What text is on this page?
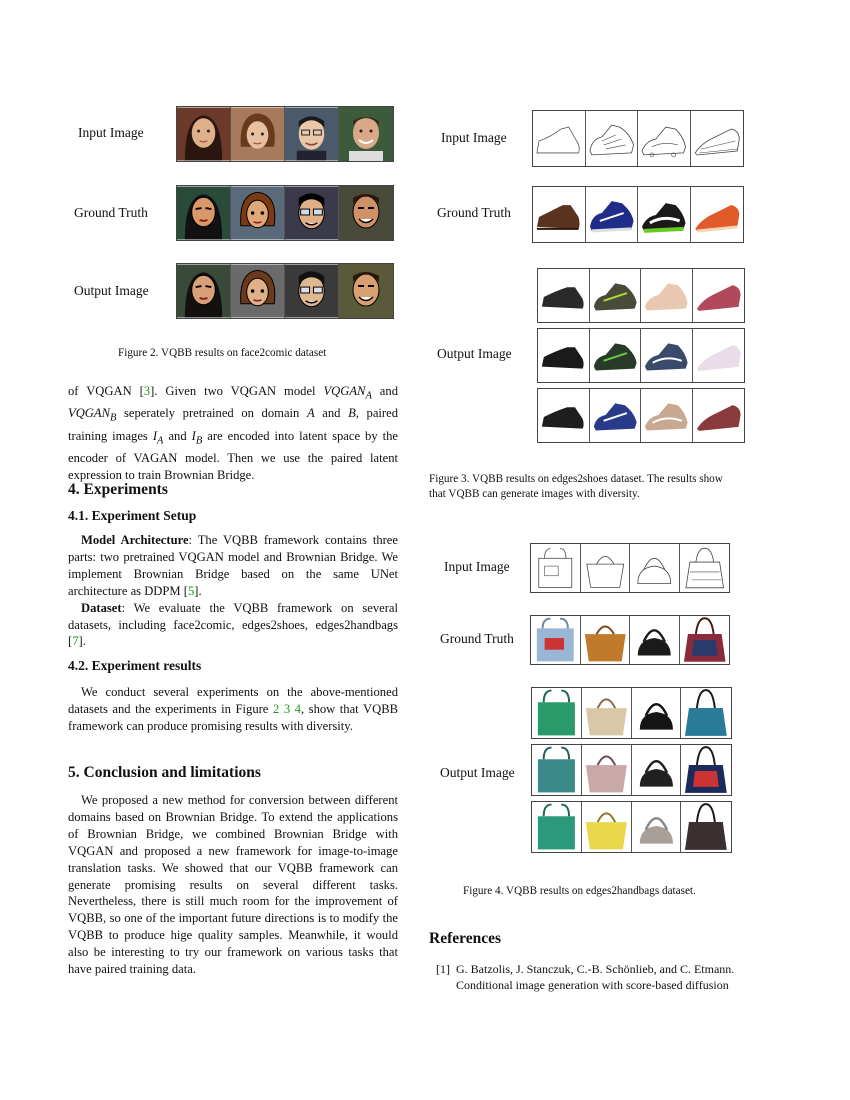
Input Image
Ground Truth
Output Image
Figure 2. VQBB results on face2comic dataset
Input Image
Ground Truth
Output Image
Figure 3. VQBB results on edges2shoes dataset. The results show
that VQBB can generate images with diversity.
Input Image
Ground Truth
Output Image
Figure 4. VQBB results on edges2handbags dataset.
of VQGAN [3]. Given two VQGAN model $VQGAN_A$ and $VQGAN_B$ seperately pretrained on domain A and B, paired training images $I_A$ and $I_B$ are encoded into latent space by the encoder of VAGAN model. Then we use the paired latent expression to train Brownian Bridge.
4. Experiments
4.1. Experiment Setup

Model Architecture: The VQBB framework contains three parts: two pretrained VQGAN model and Brownian Bridge. We implement Brownian Bridge based on the same UNet architecture as DDPM [5].

Dataset: We evaluate the VQBB framework on several datasets, including face2comic, edges2shoes, edges2handbags [7].

4.2. Experiment results

We conduct several experiments on the above-mentioned datasets and the experiments in Figure 2 3 4, show that VQBB framework can produce promising results with diversity.

5. Conclusion and limitations

We proposed a new method for conversion between different domains based on Brownian Bridge. To extend the applications of Brownian Bridge, we combined Brownian Bridge with VQGAN and proposed a new framework for image-to-image translation tasks. We showed that our VQBB framework can generate promising results on several different tasks. Nevertheless, there is still much room for the improvement of VQBB, so one of the important future directions is to modify the VQBB to produce hige quality samples. Meanwhile, it would also be interesting to try our framework on various tasks that have paired training data.

References
[1] G. Batzolis, J. Stanczuk, C.-B. Schönlieb, and C. Etmann.
Conditional image generation with score-based diffusion
